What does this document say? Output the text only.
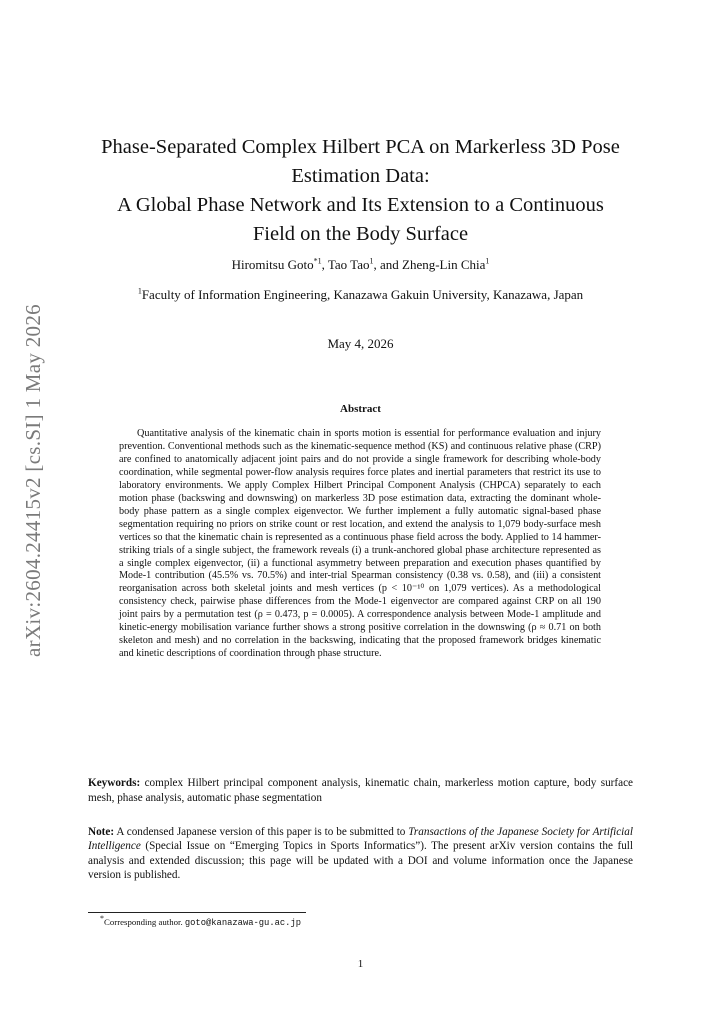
arXiv:2604.24415v2 [cs.SI] 1 May 2026
Phase-Separated Complex Hilbert PCA on Markerless 3D Pose
Estimation Data:
A Global Phase Network and Its Extension to a Continuous
Field on the Body Surface
Hiromitsu Goto$^{*1}$, Tao Tao$^1$, and Zheng-Lin Chia$^1$
$^1$Faculty of Information Engineering, Kanazawa Gakuin University, Kanazawa, Japan
May 4, 2026
Abstract

Quantitative analysis of the kinematic chain in sports motion is essential for performance evaluation and injury prevention. Conventional methods such as the kinematic-sequence method (KS) and continuous relative phase (CRP) are confined to anatomically adjacent joint pairs and do not provide a single framework for describing whole-body coordination, while segmental power-flow analysis requires force plates and inertial parameters that restrict its use to laboratory environments. We apply Complex Hilbert Principal Component Analysis (CHPCA) separately to each motion phase (backswing and downswing) on markerless 3D pose estimation data, extracting the dominant whole-body phase pattern as a single complex eigenvector. We further implement a fully automatic signal-based phase segmentation requiring no priors on strike count or rest location, and extend the analysis to 1,079 body-surface mesh vertices so that the kinematic chain is represented as a continuous phase field across the body. Applied to 14 hammer-striking trials of a single subject, the framework reveals (i) a trunk-anchored global phase architecture represented as a single complex eigenvector, (ii) a functional asymmetry between preparation and execution phases quantified by Mode-1 contribution (45.5% vs. 70.5%) and inter-trial Spearman consistency (0.38 vs. 0.58), and (iii) a consistent reorganisation across both skeletal joints and mesh vertices (p < 10⁻¹⁰ on 1,079 vertices). As a methodological consistency check, pairwise phase differences from the Mode-1 eigenvector are compared against CRP on all 190 joint pairs by a permutation test (ρ = 0.473, p = 0.0005). A correspondence analysis between Mode-1 amplitude and kinetic-energy mobilisation variance further shows a strong positive correlation in the downswing (ρ ≈ 0.71 on both skeleton and mesh) and no correlation in the backswing, indicating that the proposed framework bridges kinematic and kinetic descriptions of coordination through phase structure.

Keywords: complex Hilbert principal component analysis, kinematic chain, markerless motion capture, body surface mesh, phase analysis, automatic phase segmentation

Note: A condensed Japanese version of this paper is to be submitted to Transactions of the Japanese Society for Artificial Intelligence (Special Issue on “Emerging Topics in Sports Informatics”). The present arXiv version contains the full analysis and extended discussion; this page will be updated with a DOI and volume information once the Japanese version is published.

*Corresponding author. goto@kanazawa-gu.ac.jp
1
